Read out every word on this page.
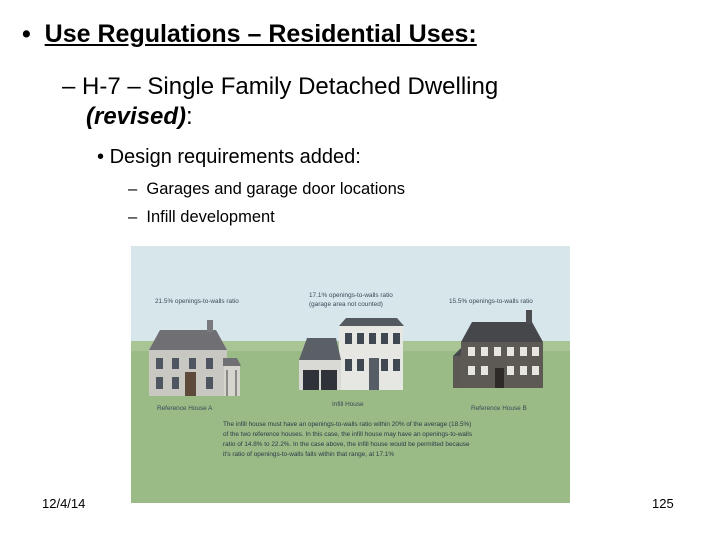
• Use Regulations – Residential Uses:
– H-7 – Single Family Detached Dwelling
(revised):
• Design requirements added:
– Garages and garage door locations
– Infill development
Reference House A
Infill House
Reference House B
21.5% openings-to-walls ratio
17.1% openings-to-walls ratio
(garage area not counted)	15.5% openings-to-walls ratio
The infill house must have an openings-to-walls ratio within 20% of the average (18.5%)
of the two reference houses. In this case, the infill house may have an openings-to-walls
ratio of 14.8% to 22.2%. In the case above, the infill house would be permitted because
it's ratio of openings-to-walls falls within that range, at 17.1%
12/4/14	125
